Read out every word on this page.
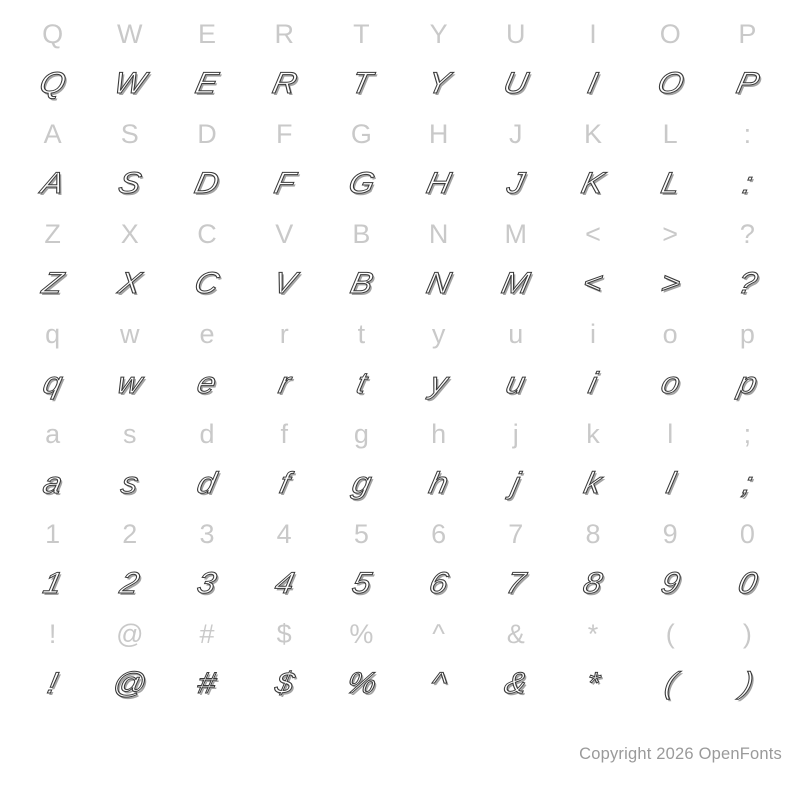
Q	W	E	R	T	Y	U	I	O	P
Q W E R T Y U I O P
A	S	D	F	G	H	J	K	L	:
A S D F G H J K L :
Z	X	C	V	B	N	M	<	>	?
Z X C V B N M < > ?
q	w	e	r	t	y	u	i	o	p
q w e r t y u i o p
a	s	d	f	g	h	j	k	l	;
a s d f g h j k l ;
1	2	3	4	5	6	7	8	9	0
1 2 3 4 5 6 7 8 9 0
!	@	#	$	%	^	&	*	(	)
! @ # $ % ^ & * ( )
Copyright 2026 OpenFonts
